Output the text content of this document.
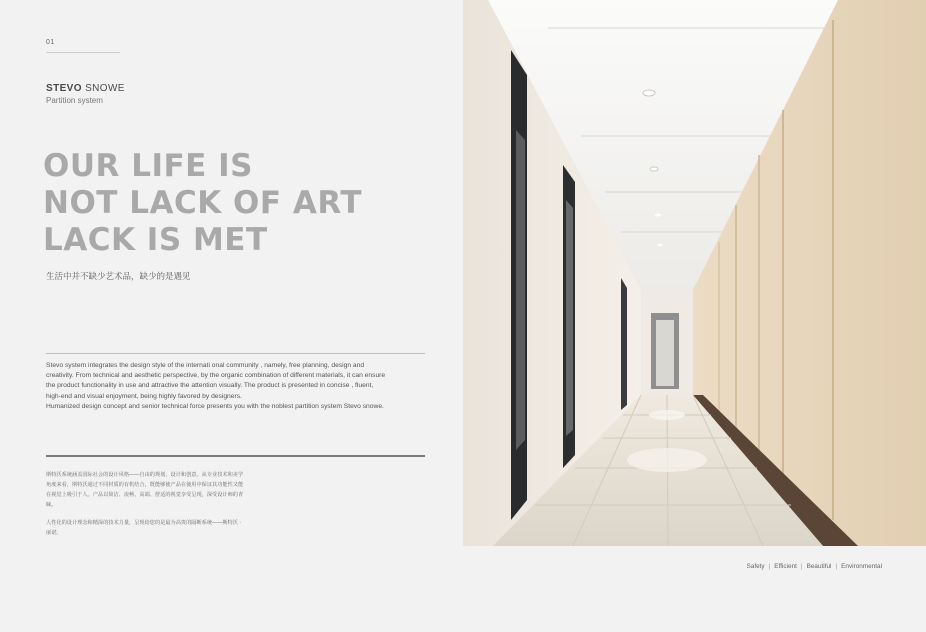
01
STEVO SNOWE
Partition system
OUR LIFE IS
NOT LACK OF ART
LACK IS MET
生活中并不缺少艺术品，缺少的是遇见

Stevo system integrates the design style of the internati onal community , namely, free planning, design and creativity. From technical and aesthetic perspective, by the organic combination of different materials, it can ensure the product functionality in use and attractive the attention visually. The product is presented in concise , fluent, high-end and visual enjoyment, being highly favored by designers.

Humanized design concept and senior technical force presents you with the noblest partition system Stevo snowe.

斯特沃系统涵盖国际社会的设计风格——自由的规划、设计和创意。从专业技术和美学角度来看，斯特沃通过不同材质的有机结合，既能够使产品在使用中保证其功能性又能在视觉上吸引于人。产品以简洁、流畅、高端、舒适的视觉享受呈现，深受设计师的青睐。

人性化的设计理念和精深的技术力量，呈现给您的是最为高贵的隔断系统——斯特沃 · 丽诺。

Safety | Efficient | Beautiful | Environmental
